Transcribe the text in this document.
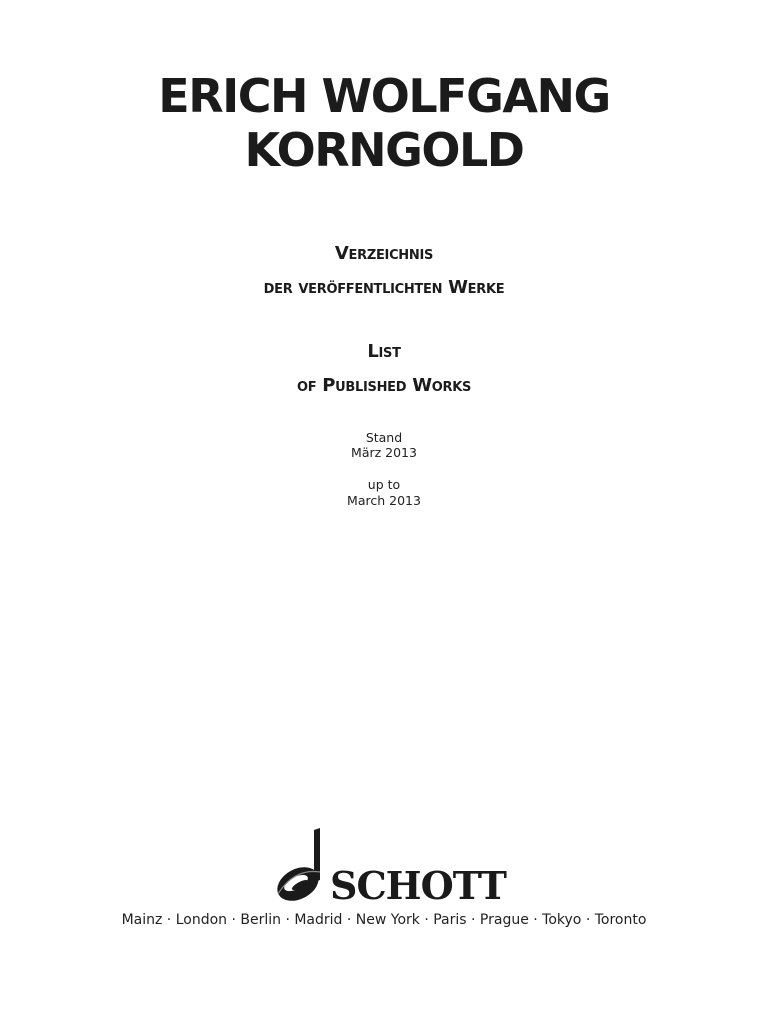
ERICH WOLFGANG
KORNGOLD

Verzeichnis

der veröffentlichten Werke

List

of Published Works

Stand

März 2013

up to

March 2013

SCHOTT

Mainz · London · Berlin · Madrid · New York · Paris · Prague · Tokyo · Toronto
